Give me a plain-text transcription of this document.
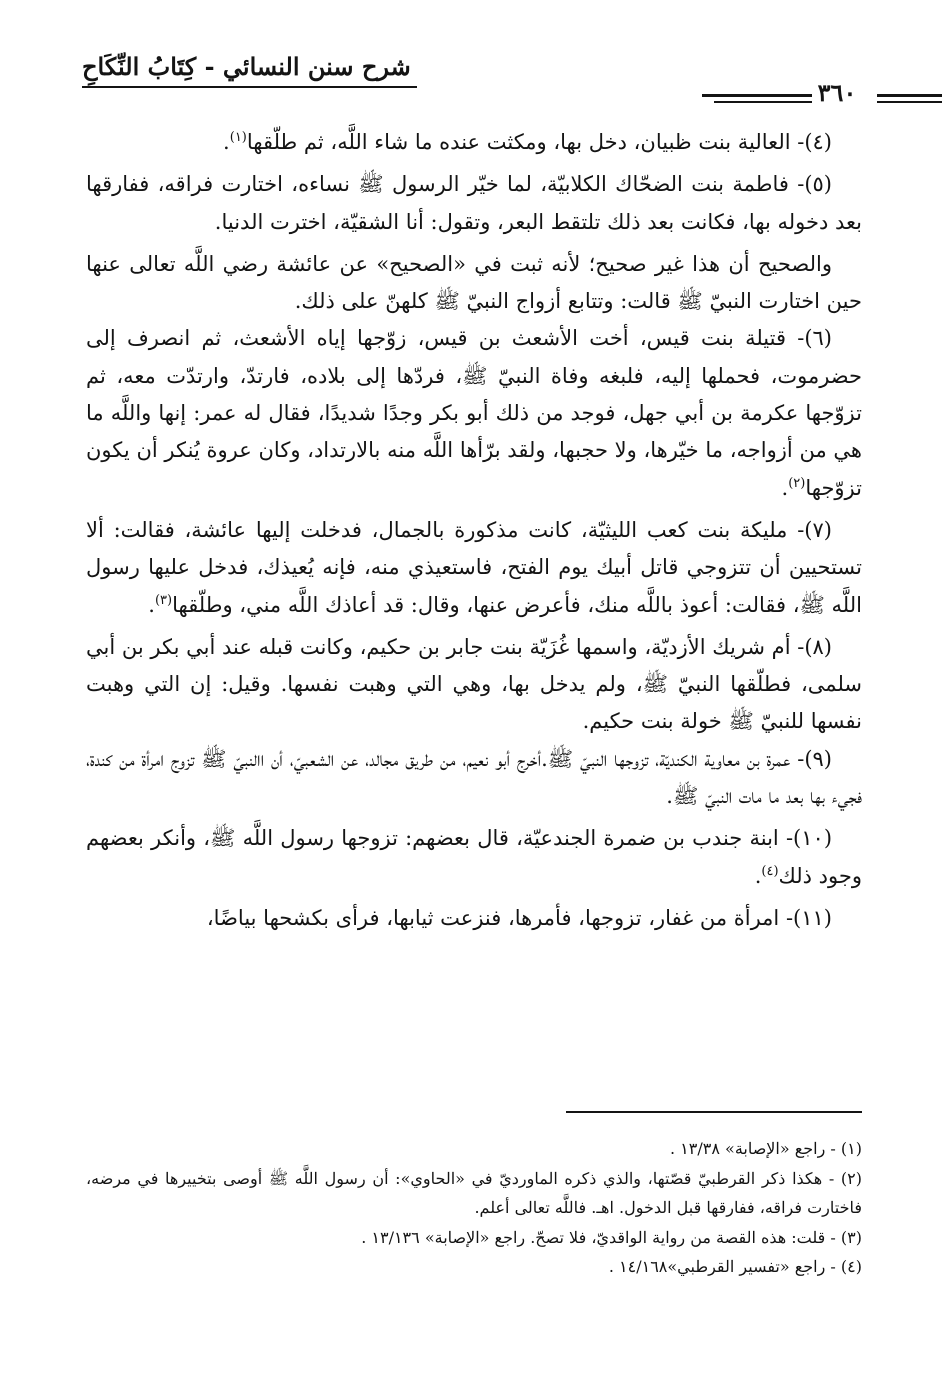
شرح سنن النسائي - كِتَابُ النِّكَاحِ
٣٦٠

(٤)- العالية بنت ظبيان، دخل بها، ومكثت عنده ما شاء اللَّه، ثم طلّقها$^{(١)}$.

(٥)- فاطمة بنت الضحّاك الكلابيّة، لما خيّر الرسول ﷺ نساءه، اختارت فراقه، ففارقها بعد دخوله بها، فكانت بعد ذلك تلتقط البعر، وتقول: أنا الشقيّة، اخترت الدنيا.

والصحيح أن هذا غير صحيح؛ لأنه ثبت في «الصحيح» عن عائشة رضي اللَّه تعالى عنها حين اختارت النبيّ ﷺ قالت: وتتابع أزواج النبيّ ﷺ كلهنّ على ذلك.

(٦)- قتيلة بنت قيس، أخت الأشعث بن قيس، زوّجها إياه الأشعث، ثم انصرف إلى حضرموت، فحملها إليه، فلبغه وفاة النبيّ ﷺ، فردّها إلى بلاده، فارتدّ، وارتدّت معه، ثم تزوّجها عكرمة بن أبي جهل، فوجد من ذلك أبو بكر وجدًا شديدًا، فقال له عمر: إنها واللَّه ما هي من أزواجه، ما خيّرها، ولا حجبها، ولقد برّأها اللَّه منه بالارتداد، وكان عروة يُنكر أن يكون تزوّجها$^{(٢)}$.

(٧)- مليكة بنت كعب الليثيّة، كانت مذكورة بالجمال، فدخلت إليها عائشة، فقالت: ألا تستحيين أن تتزوجي قاتل أبيك يوم الفتح، فاستعيذي منه، فإنه يُعيذك، فدخل عليها رسول اللَّه ﷺ، فقالت: أعوذ باللَّه منك، فأعرض عنها، وقال: قد أعاذك اللَّه مني، وطلّقها$^{(٣)}$.

(٨)- أم شريك الأزديّة، واسمها غُزَيّة بنت جابر بن حكيم، وكانت قبله عند أبي بكر بن أبي سلمى، فطلّقها النبيّ ﷺ، ولم يدخل بها، وهي التي وهبت نفسها. وقيل: إن التي وهبت نفسها للنبيّ ﷺ خولة بنت حكيم.

(٩)- عمرة بن معاوية الكنديّة، تزوجها النبيّ ﷺ.أخرج أبو نعيم، من طريق مجالد، عن الشعبيّ، أن االنبيّ ﷺ تزوج امرأة من كندة، فجيء بها بعد ما مات النبيّ ﷺ.

(١٠)- ابنة جندب بن ضمرة الجندعيّة، قال بعضهم: تزوجها رسول اللَّه ﷺ، وأنكر بعضهم وجود ذلك$^{(٤)}$.

(١١)- امرأة من غفار، تزوجها، فأمرها، فنزعت ثيابها، فرأى بكشحها بياضًا،

(١) - راجع «الإصابة» ١٣/٣٨ .

(٢) - هكذا ذكر القرطبيّ قصّتها، والذي ذكره الماورديّ في «الحاوي»: أن رسول اللَّه ﷺ أوصى بتخييرها في مرضه، فاختارت فراقه، ففارقها قبل الدخول. اهـ. فاللَّه تعالى أعلم.

(٣) - قلت: هذه القصة من رواية الواقديّ، فلا تصحّ. راجع «الإصابة» ١٣/١٣٦ .

(٤) - راجع «تفسير القرطبي»١٤/١٦٨ .
